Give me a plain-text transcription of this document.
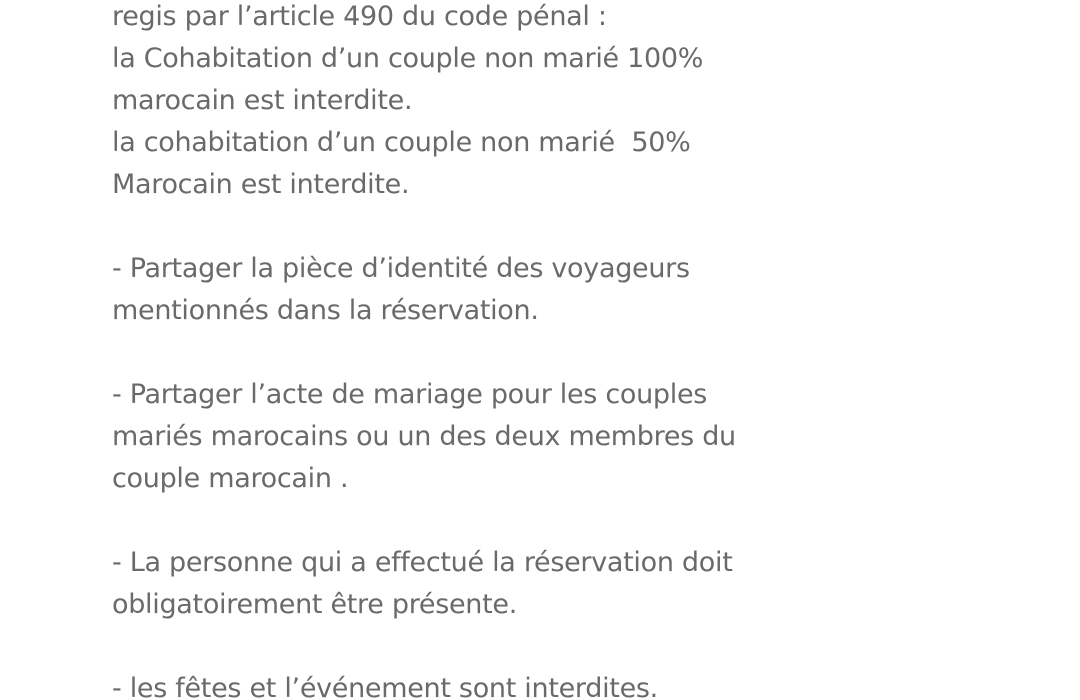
regis par l’article 490 du code pénal :
la Cohabitation d’un couple non marié 100%
marocain est interdite.
la cohabitation d’un couple non marié  50%
Marocain est interdite.
- Partager la pièce d’identité des voyageurs
mentionnés dans la réservation.
- Partager l’acte de mariage pour les couples
mariés marocains ou un des deux membres du
couple marocain .
- La personne qui a effectué la réservation doit
obligatoirement être présente.
- les fêtes et l’événement sont interdites.
